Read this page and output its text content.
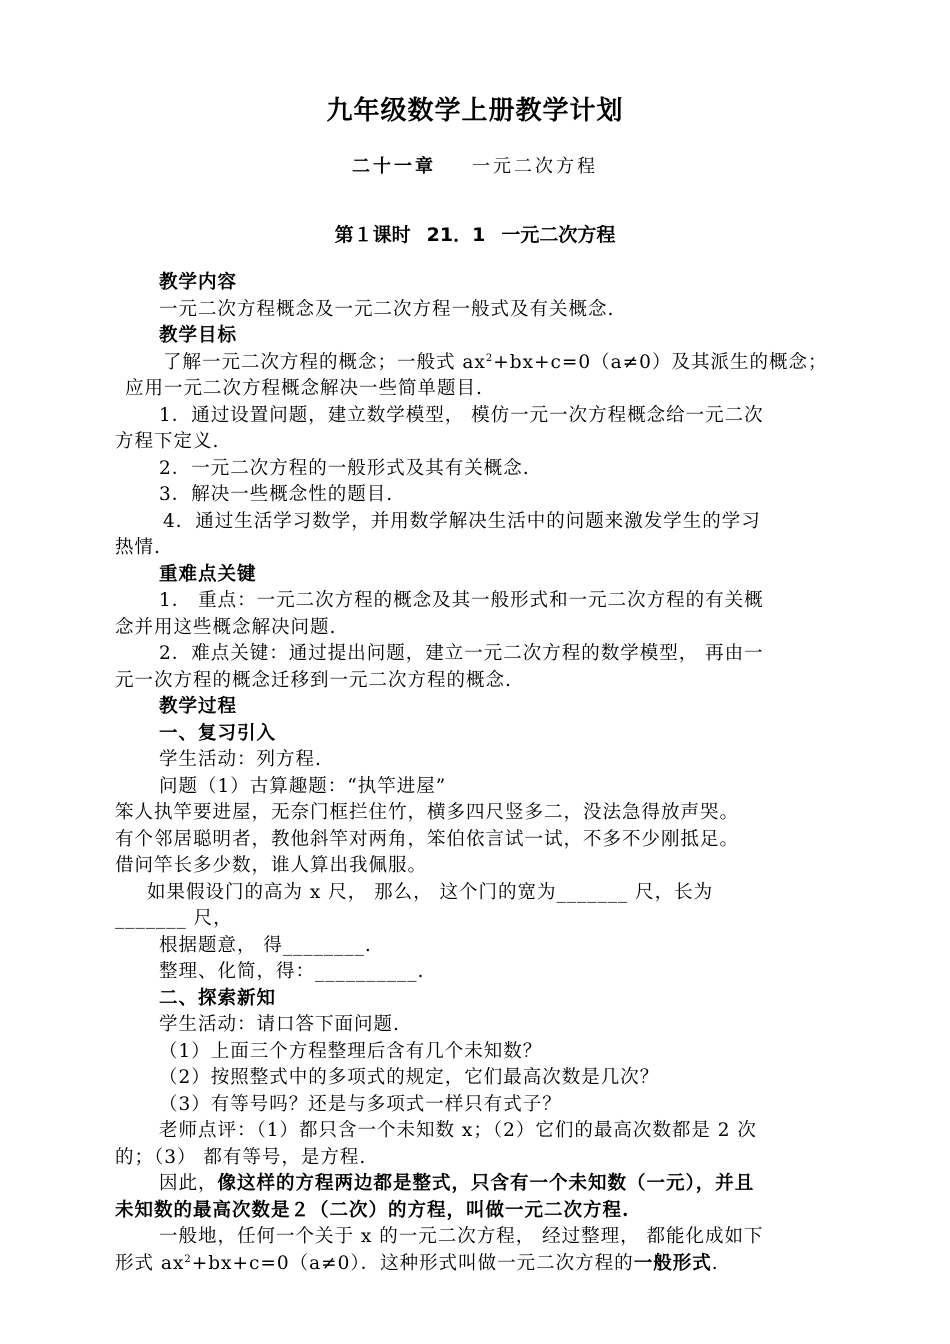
九年级数学上册教学计划
二十一章 一元二次方程
第１课时 21．1 一元二次方程
教学内容
一元二次方程概念及一元二次方程一般式及有关概念.
教学目标
了解一元二次方程的概念；一般式 $ax^2+bx+c=0(a\ne 0)$及其派生的概念；
应用一元二次方程概念解决一些简单题目.
1．通过设置问题，建立数学模型， 模仿一元一次方程概念给一元二次
方程下定义.
2．一元二次方程的一般形式及其有关概念.
3．解决一些概念性的题目.
4．通过生活学习数学，并用数学解决生活中的问题来激发学生的学习
热情.
重难点关键
1． 重点：一元二次方程的概念及其一般形式和一元二次方程的有关概
念并用这些概念解决问题.
2．难点关键：通过提出问题，建立一元二次方程的数学模型， 再由一
元一次方程的概念迁移到一元二次方程的概念.
教学过程
一、复习引入
学生活动：列方程.
问题（1）古算趣题：“执竿进屋”
笨人执竿要进屋，无奈门框拦住竹，横多四尺竖多二，没法急得放声哭。
有个邻居聪明者，教他斜竿对两角，笨伯依言试一试，不多不少刚抵足。
借问竿长多少数，谁人算出我佩服。
如果假设门的高为 x 尺， 那么， 这个门的宽为_______ 尺，长为
_______ 尺，
根据题意， 得________.
整理、化简，得：__________.
二、探索新知
学生活动：请口答下面问题.
（1）上面三个方程整理后含有几个未知数？
（2）按照整式中的多项式的规定，它们最高次数是几次？
（3）有等号吗？还是与多项式一样只有式子？
老师点评：（1）都只含一个未知数 x；（2）它们的最高次数都是 2 次
的；（3） 都有等号，是方程.
因此，像这样的方程两边都是整式，只含有一个未知数（一元），并且
未知数的最高次数是２（二次）的方程，叫做一元二次方程.
一般地，任何一个关于 x 的一元二次方程， 经过整理， 都能化成如下
形式 $ax^2+bx+c=0(a\ne 0)$．这种形式叫做一元二次方程的一般形式.
